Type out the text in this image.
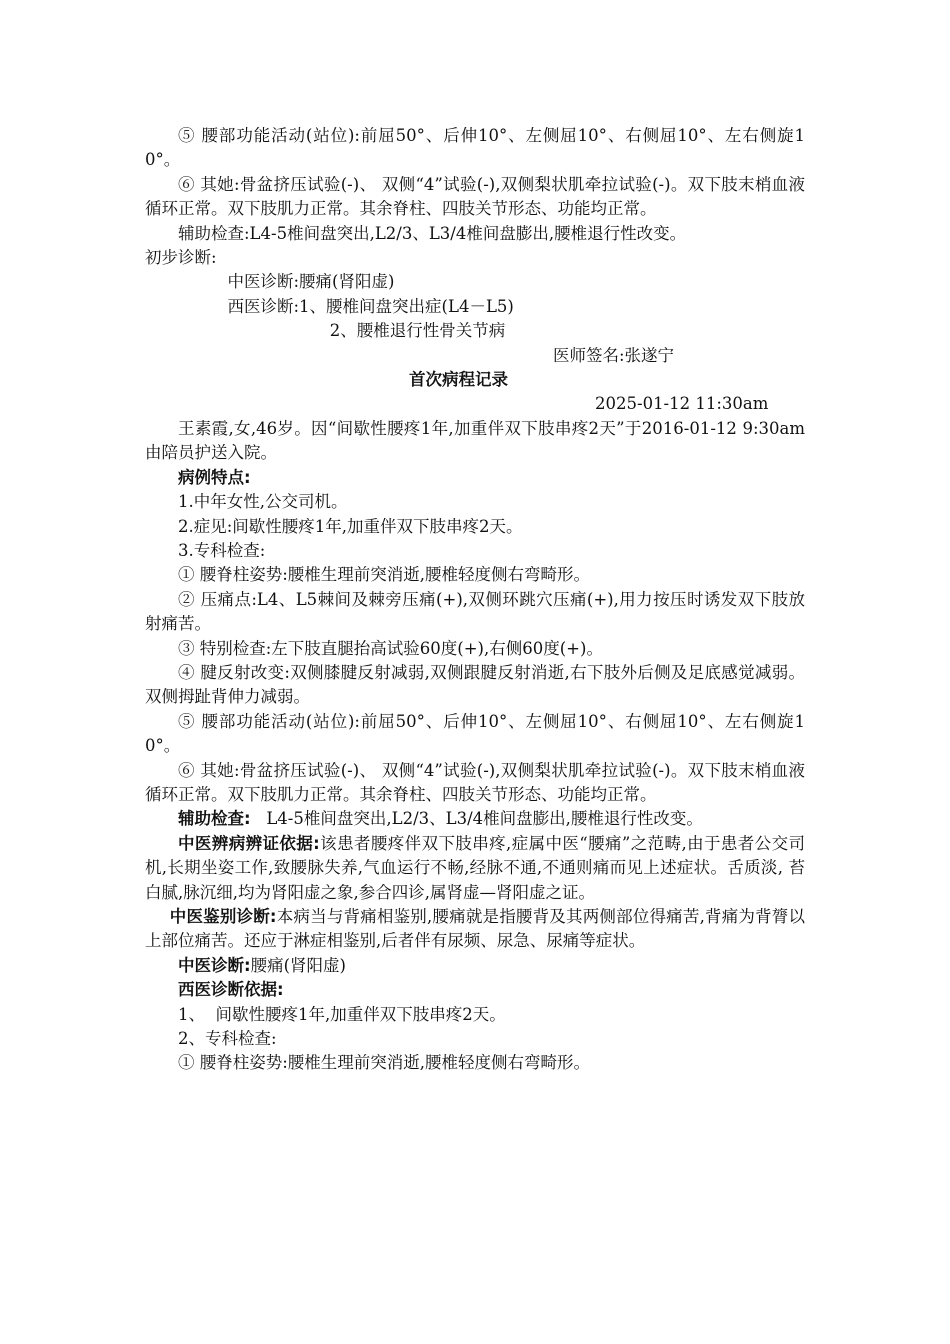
⑤ 腰部功能活动(站位):前屈50°、后伸10°、左侧屈10°、右侧屈10°、左右侧旋10°。

⑥ 其她:骨盆挤压试验(-)、 双侧“4”试验(-),双侧梨状肌牵拉试验(-)。双下肢末梢血液循环正常。双下肢肌力正常。其余脊柱、四肢关节形态、功能均正常。

辅助检查:L4-5椎间盘突出,L2/3、L3/4椎间盘膨出,腰椎退行性改变。

初步诊断:

中医诊断:腰痛(肾阳虚)

西医诊断:1、腰椎间盘突出症(L4－L5)

2、腰椎退行性骨关节病

医师签名:张遂宁

首次病程记录

2025-01-12 11:30am

王素霞,女,46岁。因“间歇性腰疼1年,加重伴双下肢串疼2天”于2016-01-12 9:30am由陪员护送入院。

病例特点:

1.中年女性,公交司机。

2.症见:间歇性腰疼1年,加重伴双下肢串疼2天。

3.专科检查:

① 腰脊柱姿势:腰椎生理前突消逝,腰椎轻度侧右弯畸形。

② 压痛点:L4、L5棘间及棘旁压痛(+),双侧环跳穴压痛(+),用力按压时诱发双下肢放射痛苦。

③ 特别检查:左下肢直腿抬高试验60度(+),右侧60度(+)。

④ 腱反射改变:双侧膝腱反射减弱,双侧跟腱反射消逝,右下肢外后侧及足底感觉减弱。双侧拇趾背伸力减弱。

⑤ 腰部功能活动(站位):前屈50°、后伸10°、左侧屈10°、右侧屈10°、左右侧旋10°。

⑥ 其她:骨盆挤压试验(-)、 双侧“4”试验(-),双侧梨状肌牵拉试验(-)。双下肢末梢血液循环正常。双下肢肌力正常。其余脊柱、四肢关节形态、功能均正常。

辅助检查:   L4-5椎间盘突出,L2/3、L3/4椎间盘膨出,腰椎退行性改变。

中医辨病辨证依据:该患者腰疼伴双下肢串疼,症属中医“腰痛”之范畴,由于患者公交司机,长期坐姿工作,致腰脉失养,气血运行不畅,经脉不通,不通则痛而见上述症状。舌质淡, 苔白腻,脉沉细,均为肾阳虚之象,参合四诊,属肾虚—肾阳虚之证。

中医鉴别诊断:本病当与背痛相鉴别,腰痛就是指腰背及其两侧部位得痛苦,背痛为背膂以上部位痛苦。还应于淋症相鉴别,后者伴有尿频、尿急、尿痛等症状。

中医诊断:腰痛(肾阳虚)

西医诊断依据:

1、  间歇性腰疼1年,加重伴双下肢串疼2天。

2、专科检查:

① 腰脊柱姿势:腰椎生理前突消逝,腰椎轻度侧右弯畸形。
